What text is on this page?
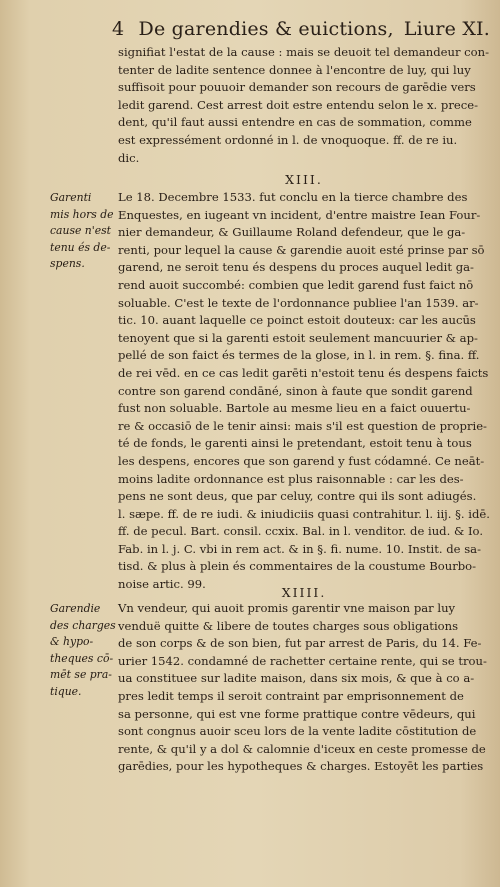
4 De garendies & euictions, Liure XI.
signifiat l'estat de la cause : mais se deuoit tel demandeur con-
tenter de ladite sentence donnee à l'encontre de luy, qui luy
suffisoit pour pouuoir demander son recours de garēdie vers
ledit garend. Cest arrest doit estre entendu selon le x. prece-
dent, qu'il faut aussi entendre en cas de sommation, comme
est expressément ordonné in l. de vnoquoque. ff. de re iu.
dic.
XIII.
Garenti
mis hors de
cause n'est
tenu és de-
spens.
Le 18. Decembre 1533. fut conclu en la tierce chambre des
Enquestes, en iugeant vn incident, d'entre maistre Iean Four-
nier demandeur, & Guillaume Roland defendeur, que le ga-
renti, pour lequel la cause & garendie auoit esté prinse par sō
garend, ne seroit tenu és despens du proces auquel ledit ga-
rend auoit succombé: combien que ledit garend fust faict nō
soluable. C'est le texte de l'ordonnance publiee l'an 1539. ar-
tic. 10. auant laquelle ce poinct estoit douteux: car les aucūs
tenoyent que si la garenti estoit seulement mancuurier & ap-
pellé de son faict és termes de la glose, in l. in rem. §. fina. ff.
de rei vēd. en ce cas ledit garēti n'estoit tenu és despens faicts
contre son garend condāné, sinon à faute que sondit garend
fust non soluable. Bartole au mesme lieu en a faict ouuertu-
re & occasiō de le tenir ainsi: mais s'il est question de proprie-
té de fonds, le garenti ainsi le pretendant, estoit tenu à tous
les despens, encores que son garend y fust códamné. Ce neāt-
moins ladite ordonnance est plus raisonnable : car les des-
pens ne sont deus, que par celuy, contre qui ils sont adiugés.
l. sæpe. ff. de re iudi. & iniudiciis quasi contrahitur. l. iij. §. idē.
ff. de pecul. Bart. consil. ccxix. Bal. in l. venditor. de iud. & Io.
Fab. in l. j. C. vbi in rem act. & in §. fi. nume. 10. Instit. de sa-
tisd. & plus à plein és commentaires de la coustume Bourbo-
noise artic. 99.
XIIII.
Garendie
des charges
& hypo-
theques cō-
mēt se pra-
tique.
Vn vendeur, qui auoit promis garentir vne maison par luy
venduë quitte & libere de toutes charges sous obligations
de son corps & de son bien, fut par arrest de Paris, du 14. Fe-
urier 1542. condamné de rachetter certaine rente, qui se trou-
ua constituee sur ladite maison, dans six mois, & que à co a-
pres ledit temps il seroit contraint par emprisonnement de
sa personne, qui est vne forme prattique contre vēdeurs, qui
sont congnus auoir sceu lors de la vente ladite cōstitution de
rente, & qu'il y a dol & calomnie d'iceux en ceste promesse de
garēdies, pour les hypotheques & charges. Estoyēt les parties
